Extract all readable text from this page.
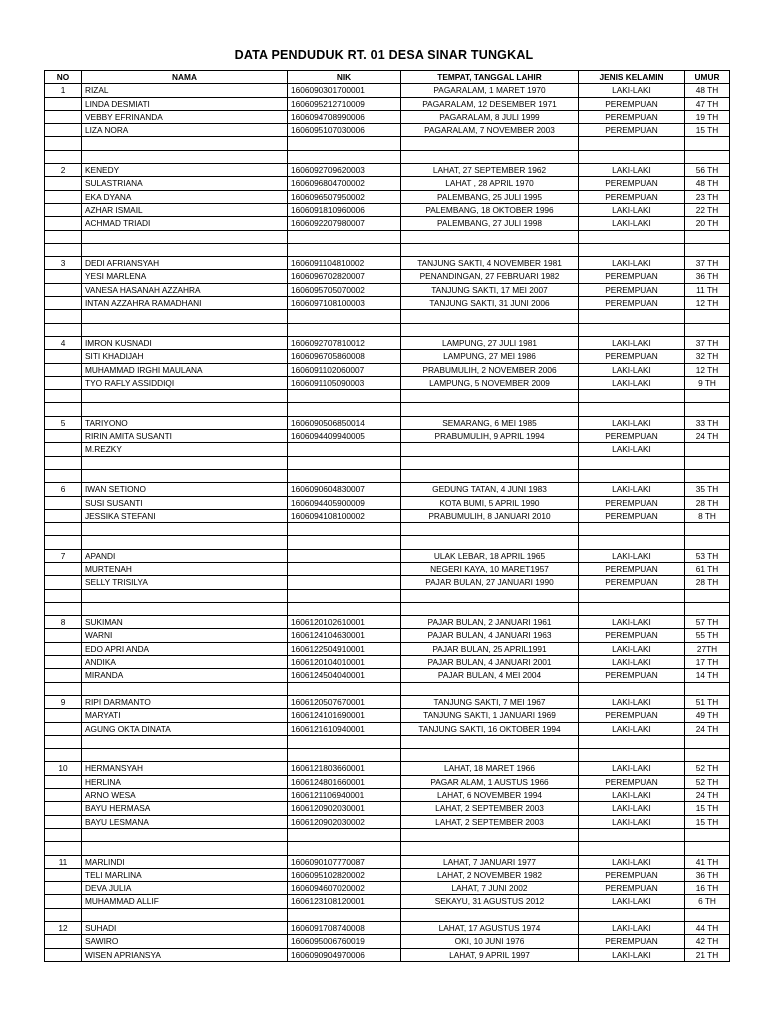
DATA PENDUDUK RT. 01 DESA SINAR TUNGKAL
NO	NAMA	NIK	TEMPAT, TANGGAL LAHIR	JENIS KELAMIN	UMUR
1	RIZAL	1606090301700001	PAGARALAM, 1 MARET 1970	LAKI-LAKI	48 TH
	LINDA DESMIATI	1606095212710009	PAGARALAM, 12 DESEMBER 1971	PEREMPUAN	47 TH
	VEBBY EFRINANDA	1606094708990006	PAGARALAM, 8 JULI 1999	PEREMPUAN	19 TH
	LIZA NORA	1606095107030006	PAGARALAM, 7 NOVEMBER 2003	PEREMPUAN	15 TH

2	KENEDY	1606092709620003	LAHAT, 27 SEPTEMBER 1962	LAKI-LAKI	56 TH
	SULASTRIANA	1606096804700002	LAHAT , 28 APRIL 1970	PEREMPUAN	48 TH
	EKA DYANA	1606096507950002	PALEMBANG, 25 JULI 1995	PEREMPUAN	23 TH
	AZHAR ISMAIL	1606091810960006	PALEMBANG, 18 OKTOBER 1996	LAKI-LAKI	22 TH
	ACHMAD TRIADI	1606092207980007	PALEMBANG, 27 JULI 1998	LAKI-LAKI	20 TH

3	DEDI AFRIANSYAH	1606091104810002	TANJUNG SAKTI, 4 NOVEMBER 1981	LAKI-LAKI	37 TH
	YESI MARLENA	1606096702820007	PENANDINGAN, 27 FEBRUARI 1982	PEREMPUAN	36 TH
	VANESA HASANAH AZZAHRA	1606095705070002	TANJUNG SAKTI, 17 MEI 2007	PEREMPUAN	11 TH
	INTAN AZZAHRA RAMADHANI	1606097108100003	TANJUNG SAKTI, 31 JUNI 2006	PEREMPUAN	12 TH

4	IMRON KUSNADI	1606092707810012	LAMPUNG, 27 JULI 1981	LAKI-LAKI	37 TH
	SITI KHADIJAH	1606096705860008	LAMPUNG, 27 MEI 1986	PEREMPUAN	32 TH
	MUHAMMAD IRGHI MAULANA	1606091102060007	PRABUMULIH, 2 NOVEMBER 2006	LAKI-LAKI	12 TH
	TYO RAFLY ASSIDDIQI	1606091105090003	LAMPUNG, 5 NOVEMBER 2009	LAKI-LAKI	9 TH

5	TARIYONO	1606090506850014	SEMARANG, 6 MEI 1985	LAKI-LAKI	33 TH
	RIRIN AMITA SUSANTI	1606094409940005	PRABUMULIH, 9 APRIL 1994	PEREMPUAN	24 TH
	M.REZKY			LAKI-LAKI	

6	IWAN SETIONO	1606090604830007	GEDUNG TATAN, 4 JUNI 1983	LAKI-LAKI	35 TH
	SUSI SUSANTI	1606094405900009	KOTA BUMI, 5 APRIL 1990	PEREMPUAN	28 TH
	JESSIKA STEFANI	1606094108100002	PRABUMULIH, 8 JANUARI 2010	PEREMPUAN	8 TH

7	APANDI		ULAK LEBAR, 18 APRIL 1965	LAKI-LAKI	53 TH
	MURTENAH		NEGERI KAYA, 10 MARET1957	PEREMPUAN	61 TH
	SELLY TRISILYA		PAJAR BULAN, 27 JANUARI 1990	PEREMPUAN	28 TH

8	SUKIMAN	1606120102610001	PAJAR BULAN, 2 JANUARI 1961	LAKI-LAKI	57 TH
	WARNI	1606124104630001	PAJAR BULAN, 4 JANUARI 1963	PEREMPUAN	55 TH
	EDO APRI ANDA	1606122504910001	PAJAR BULAN, 25 APRIL1991	LAKI-LAKI	27TH
	ANDIKA	1606120104010001	PAJAR BULAN, 4 JANUARI 2001	LAKI-LAKI	17 TH
	MIRANDA	1606124504040001	PAJAR BULAN, 4 MEI 2004	PEREMPUAN	14 TH

9	RIPI DARMANTO	1606120507670001	TANJUNG SAKTI, 7 MEI 1967	LAKI-LAKI	51 TH
	MARYATI	1606124101690001	TANJUNG SAKTI, 1 JANUARI 1969	PEREMPUAN	49 TH
	AGUNG OKTA DINATA	1606121610940001	TANJUNG SAKTI, 16 OKTOBER 1994	LAKI-LAKI	24 TH

10	HERMANSYAH	1606121803660001	LAHAT, 18 MARET 1966	LAKI-LAKI	52 TH
	HERLINA	1606124801660001	PAGAR ALAM, 1 AUSTUS 1966	PEREMPUAN	52 TH
	ARNO WESA	1606121106940001	LAHAT, 6 NOVEMBER 1994	LAKI-LAKI	24 TH
	BAYU HERMASA	1606120902030001	LAHAT, 2 SEPTEMBER 2003	LAKI-LAKI	15 TH
	BAYU LESMANA	1606120902030002	LAHAT, 2 SEPTEMBER 2003	LAKI-LAKI	15 TH

11	MARLINDI	1606090107770087	LAHAT, 7 JANUARI 1977	LAKI-LAKI	41 TH
	TELI MARLINA	1606095102820002	LAHAT, 2 NOVEMBER 1982	PEREMPUAN	36 TH
	DEVA JULIA	1606094607020002	LAHAT, 7 JUNI 2002	PEREMPUAN	16 TH
	MUHAMMAD ALLIF	1606123108120001	SEKAYU, 31 AGUSTUS 2012	LAKI-LAKI	6 TH

12	SUHADI	1606091708740008	LAHAT, 17 AGUSTUS 1974	LAKI-LAKI	44 TH
	SAWIRO	1606095006760019	OKI, 10 JUNI 1976	PEREMPUAN	42 TH
	WISEN APRIANSYA	1606090904970006	LAHAT, 9 APRIL 1997	LAKI-LAKI	21 TH
